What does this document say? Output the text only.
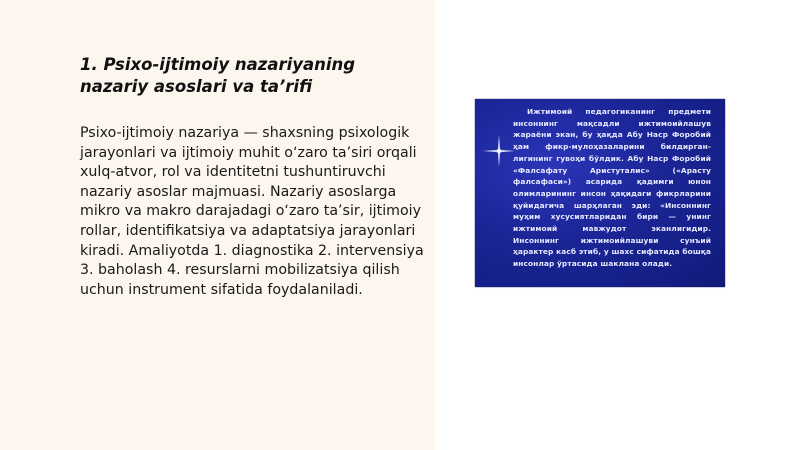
1. Psixo-ijtimoiy nazariyaning nazariy asoslari va ta’rifi

Psixo-ijtimoiy nazariya — shaxsning psixologik jarayonlari va ijtimoiy muhit o‘zaro ta’siri orqali xulq-atvor, rol va identitetni tushuntiruvchi nazariy asoslar majmuasi. Nazariy asoslarga mikro va makro darajadagi o‘zaro ta’sir, ijtimoiy rollar, identifikatsiya va adaptatsiya jarayonlari kiradi. Amaliyotda 1. diagnostika 2. intervensiya 3. baholash 4. resurslarni mobilizatsiya qilish uchun instrument sifatida foydalaniladi.

Ижтимоий педагогиканинг предмети инсоннинг мақсадли ижтимоийлашув жараёни экан, бу ҳақда Абу Наср Форобий ҳам фикр-мулоҳазаларини билдирган-лигининг гувоҳи бўлдик. Абу Наср Форобий «Фалсафату Аристуталис» («Арасту фалсафаси») асарида қадимги юнон олимларининг инсон ҳақидаги фикрларини қуйидагича шарҳлаган эди: «Инсоннинг муҳим хусусиятларидан бири — унинг ижтимоий мавжудот эканлигидир. Инсоннинг ижтимоийлашуви сунъий ҳарактер касб этиб, у шахс сифатида бошқа инсонлар ўртасида шаклана олади.
